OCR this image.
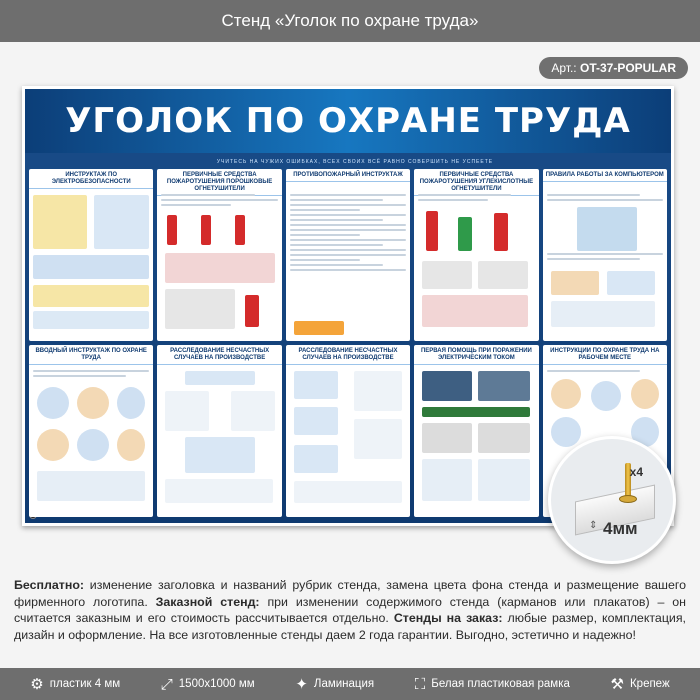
Стенд «Уголок по охране труда»
Арт.: OT-37-POPULAR
УГОЛОК ПО ОХРАНЕ ТРУДА
УЧИТЕСЬ НА ЧУЖИХ ОШИБКАХ, ВСЕХ СВОИХ ВСЁ РАВНО СОВЕРШИТЬ НЕ УСПЕЕТЕ
ИНСТРУКТАЖ ПО ЭЛЕКТРОБЕЗОПАСНОСТИ
ПЕРВИЧНЫЕ СРЕДСТВА ПОЖАРОТУШЕНИЯ ПОРОШКОВЫЕ ОГНЕТУШИТЕЛИ
ПРОТИВОПОЖАРНЫЙ ИНСТРУКТАЖ	ПЕРВИЧНЫЕ СРЕДСТВА ПОЖАРОТУШЕНИЯ УГЛЕКИСЛОТНЫЕ ОГНЕТУШИТЕЛИ
ПРАВИЛА РАБОТЫ ЗА КОМПЬЮТЕРОМ
ВВОДНЫЙ ИНСТРУКТАЖ ПО ОХРАНЕ ТРУДА
РАССЛЕДОВАНИЕ НЕСЧАСТНЫХ СЛУЧАЕВ НА ПРОИЗВОДСТВЕ
РАССЛЕДОВАНИЕ НЕСЧАСТНЫХ СЛУЧАЕВ НА ПРОИЗВОДСТВЕ
ПЕРВАЯ ПОМОЩЬ ПРИ ПОРАЖЕНИИ ЭЛЕКТРИЧЕСКИМ ТОКОМ
ИНСТРУКЦИИ ПО ОХРАНЕ ТРУДА НА РАБОЧЕМ МЕСТЕ
x4
⇕ 4мм
Бесплатно: изменение заголовка и названий рубрик стенда, замена цвета фона стенда и размещение вашего фирменного логотипа. Заказной стенд: при изменении содержимого стенда (карманов или плакатов) – он считается заказным и его стоимость рассчитывается отдельно. Стенды на заказ: любые размер, комплектация, дизайн и оформление. На все изготовленные стенды даем 2 года гарантии. Выгодно, эстетично и надежно!
⚙ пластик 4 мм	⤢ 1500x1000 мм	✦ Ламинация	⛶ Белая пластиковая рамка	⚒ Крепеж
